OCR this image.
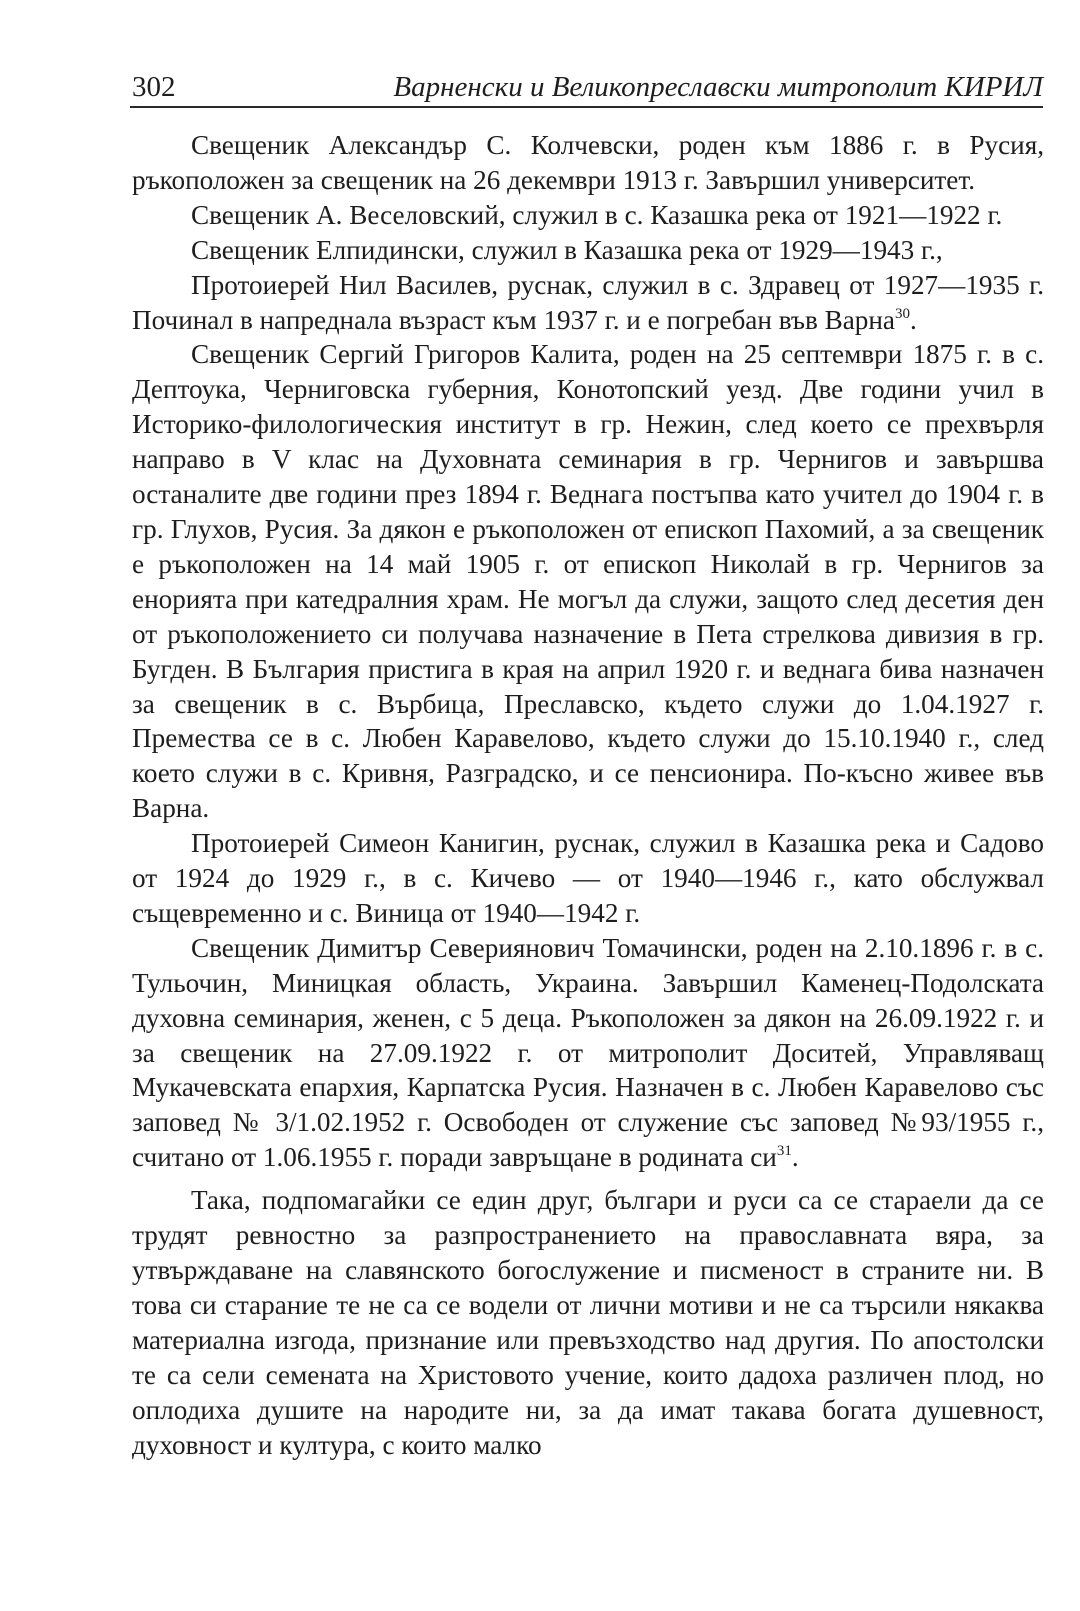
302	Варненски и Великопреславски митрополит КИРИЛ

Свещеник Александър С. Колчевски, роден към 1886 г. в Русия, ръкоположен за свещеник на 26 декември 1913 г. Завършил университет.

Свещеник А. Веселовский, служил в с. Казашка река от 1921—1922 г.

Свещеник Елпидински, служил в Казашка река от 1929—1943 г.,

Протоиерей Нил Василев, руснак, служил в с. Здравец от 1927—1935 г. Починал в напреднала възраст към 1937 г. и е погребан във Варна$^{30}$.

Свещеник Сергий Григоров Калита, роден на 25 септември 1875 г. в с. Дептоука, Черниговска губерния, Конотопский уезд. Две години учил в Историко-филологическия институт в гр. Нежин, след което се прехвърля направо в V клас на Духовната семинария в гр. Чернигов и завършва останалите две години през 1894 г. Веднага постъпва като учител до 1904 г. в гр. Глухов, Русия. За дякон е ръкоположен от епископ Пахомий, а за свещеник е ръкоположен на 14 май 1905 г. от епископ Николай в гр. Чернигов за енорията при катедралния храм. Не могъл да служи, защото след десетия ден от ръкоположението си получава назначение в Пета стрелкова дивизия в гр. Бугден. В България пристига в края на април 1920 г. и веднага бива назначен за свещеник в с. Върбица, Преславско, където служи до 1.04.1927 г. Премества се в с. Любен Каравелово, където служи до 15.10.1940 г., след което служи в с. Кривня, Разградско, и се пенсионира. По-късно живее във Варна.

Протоиерей Симеон Канигин, руснак, служил в Казашка река и Садово от 1924 до 1929 г., в с. Кичево — от 1940—1946 г., като обслужвал същевременно и с. Виница от 1940—1942 г.

Свещеник Димитър Севериянович Томачински, роден на 2.10.1896 г. в с. Тульочин, Миницкая область, Украина. Завършил Каменец-Подолската духовна семинария, женен, с 5 деца. Ръкоположен за дякон на 26.09.1922 г. и за свещеник на 27.09.1922 г. от митрополит Доситей, Управляващ Мукачевската епархия, Карпатска Русия. Назначен в с. Любен Каравелово със заповед № 3/1.02.1952 г. Освободен от служение със заповед №93/1955 г., считано от 1.06.1955 г. поради завръщане в родината $си^{31}$.

Така, подпомагайки се един друг, българи и руси са се стараели да се трудят ревностно за разпространението на православната вяра, за утвърждаване на славянското богослужение и писменост в страните ни. В това си старание те не са се водели от лични мотиви и не са търсили някаква материална изгода, признание или превъзходство над другия. По апостолски те са сели семената на Христовото учение, които дадоха различен плод, но оплодиха душите на народите ни, за да имат такава богата душевност, духовност и култура, с които малко
